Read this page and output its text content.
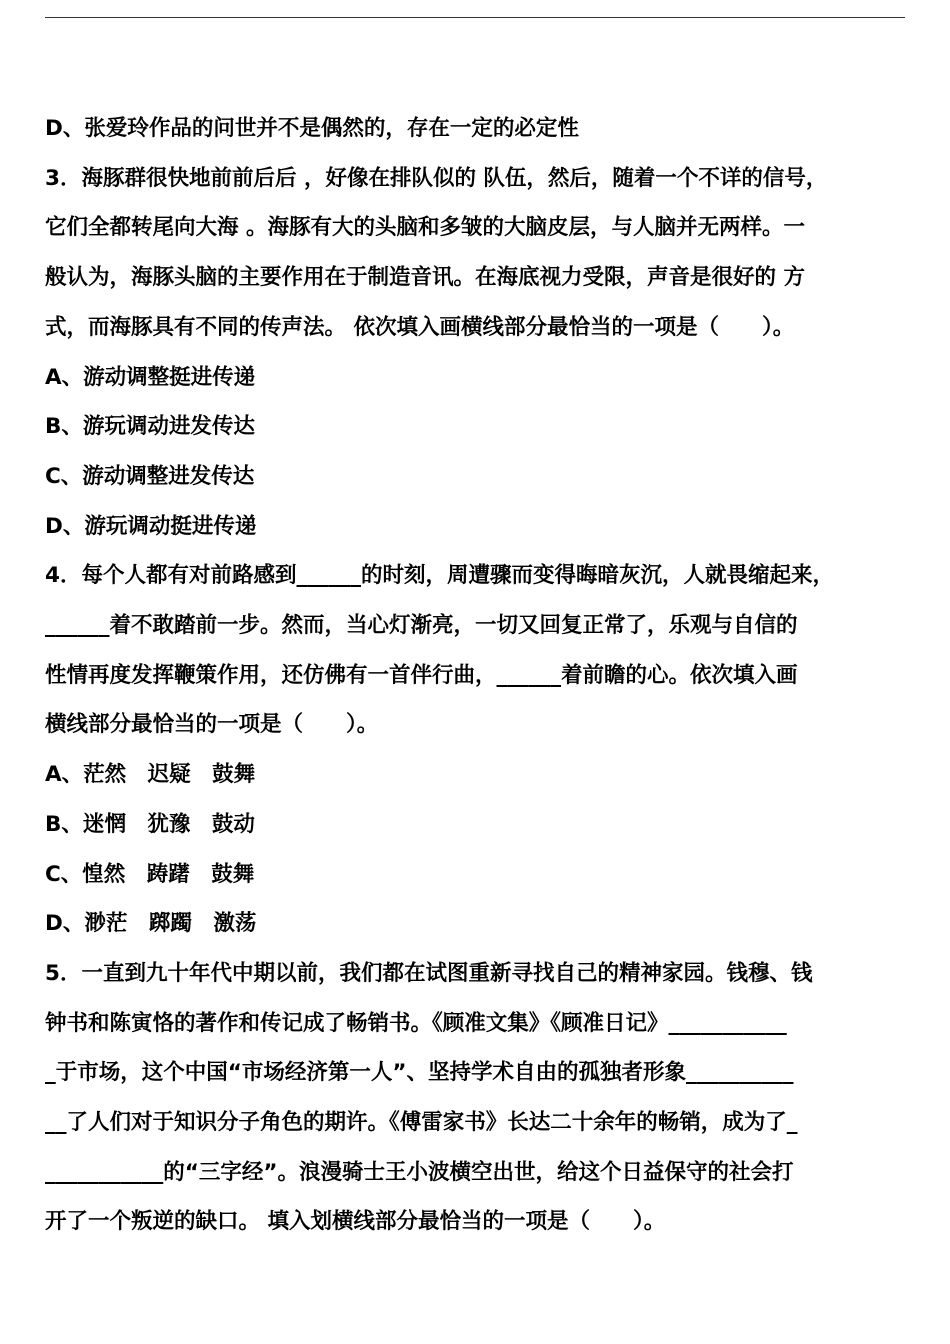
D、张爱玲作品的问世并不是偶然的，存在一定的必定性
3．海豚群很快地前前后后 ，好像在排队似的 队伍，然后，随着一个不详的信号，
它们全都转尾向大海 。海豚有大的头脑和多皱的大脑皮层，与人脑并无两样。一
般认为，海豚头脑的主要作用在于制造音讯。在海底视力受限，声音是很好的 方
式，而海豚具有不同的传声法。 依次填入画横线部分最恰当的一项是（　　）。
A、游动调整挺进传递
B、游玩调动进发传达
C、游动调整进发传达
D、游玩调动挺进传递
4．每个人都有对前路感到______的时刻，周遭骤而变得晦暗灰沉，人就畏缩起来，
______着不敢踏前一步。然而，当心灯渐亮，一切又回复正常了，乐观与自信的
性情再度发挥鞭策作用，还仿佛有一首伴行曲，______着前瞻的心。依次填入画
横线部分最恰当的一项是（　　）。
A、茫然　迟疑　鼓舞
B、迷惘　犹豫　鼓动
C、惶然　踌躇　鼓舞
D、渺茫　踯躅　激荡
5．一直到九十年代中期以前，我们都在试图重新寻找自己的精神家园。钱穆、钱
钟书和陈寅恪的著作和传记成了畅销书。《顾准文集》《顾准日记》___________
_于市场，这个中国“市场经济第一人”、坚持学术自由的孤独者形象__________
__了人们对于知识分子角色的期许。《傅雷家书》长达二十余年的畅销，成为了_
___________的“三字经”。浪漫骑士王小波横空出世，给这个日益保守的社会打
开了一个叛逆的缺口。 填入划横线部分最恰当的一项是（　　）。
